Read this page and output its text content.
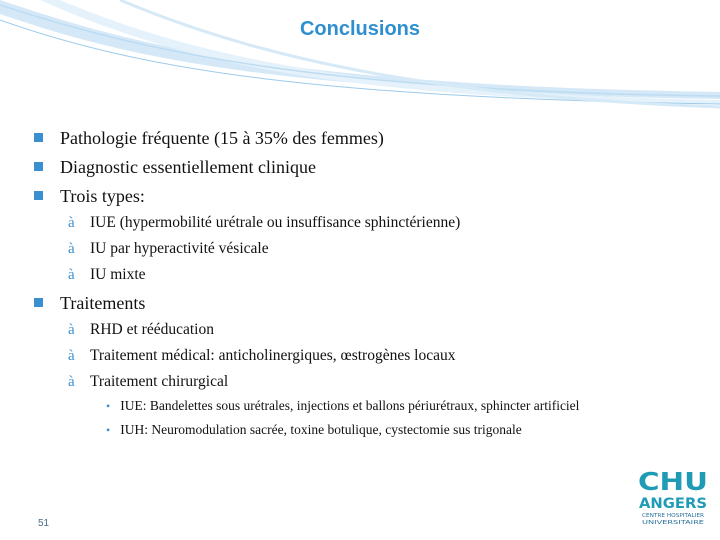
Conclusions
Pathologie fréquente (15 à 35% des femmes)
Diagnostic essentiellement clinique
Trois types:
à IUE (hypermobilité urétrale ou insuffisance sphinctérienne)
à IU par hyperactivité vésicale
à IU mixte
Traitements
à RHD et rééducation
à Traitement médical: anticholinergiques, œstrogènes locaux
à Traitement chirurgical
• IUE: Bandelettes sous urétrales, injections et ballons périurétraux, sphincter artificiel
• IUH: Neuromodulation sacrée, toxine botulique, cystectomie sus trigonale
51
CHU
ANGERS
CENTRE HOSPITALIER
UNIVERSITAIRE
